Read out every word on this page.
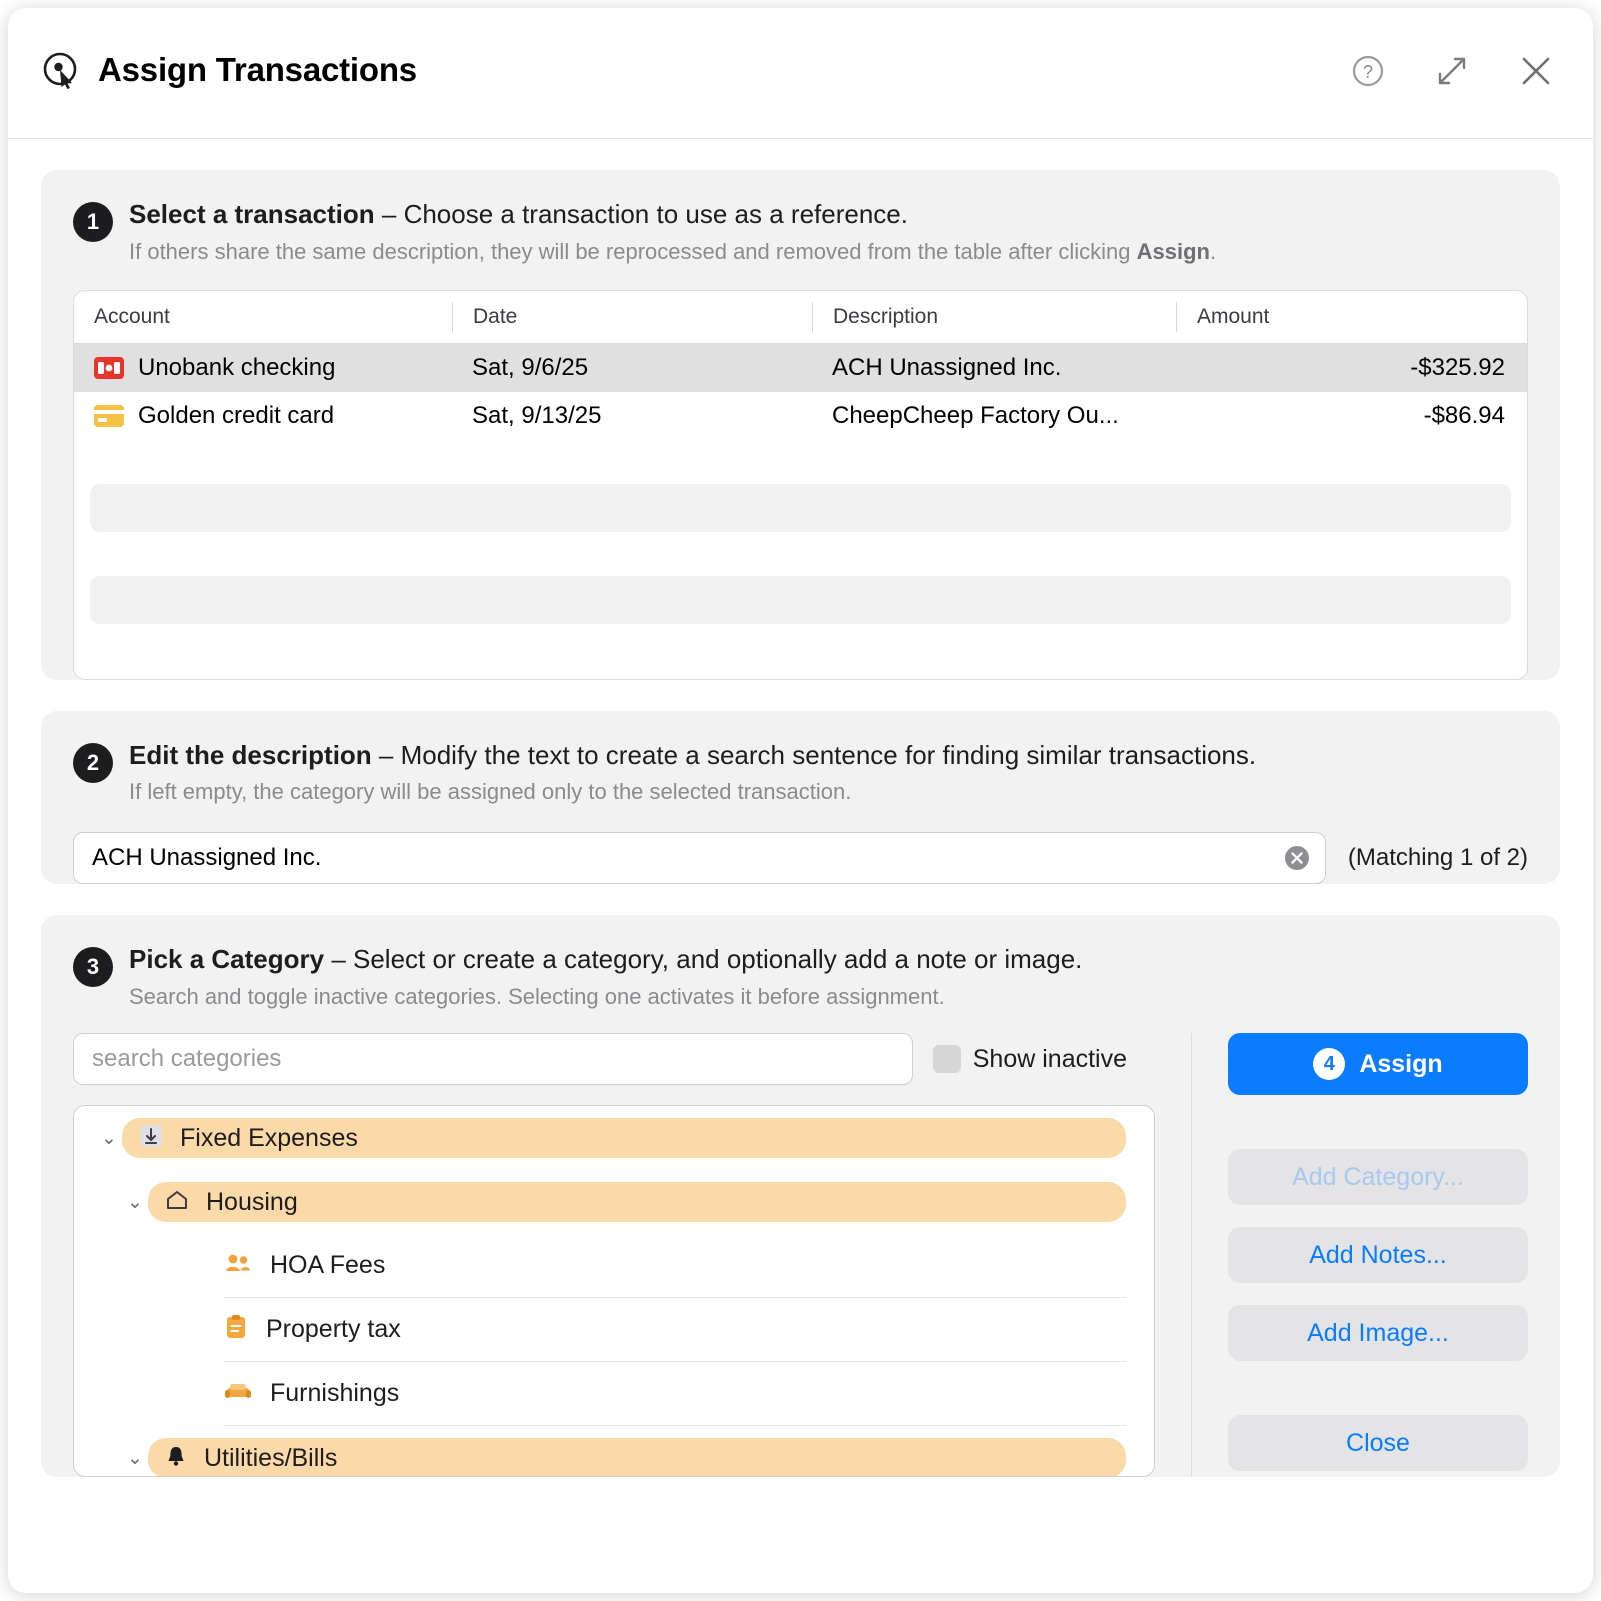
Assign Transactions	?
1	Select a transaction – Choose a transaction to use as a reference.
If others share the same description, they will be reprocessed and removed from the table after clicking Assign.
Account	Date	Description	Amount
Unobank checking	Sat, 9/6/25	ACH Unassigned Inc.	-$325.92
Golden credit card	Sat, 9/13/25	CheepCheep Factory Ou...	-$86.94
2	Edit the description – Modify the text to create a search sentence for finding similar transactions.
If left empty, the category will be assigned only to the selected transaction.
ACH Unassigned Inc.
(Matching 1 of 2)
3	Pick a Category – Select or create a category, and optionally add a note or image.
Search and toggle inactive categories. Selecting one activates it before assignment.
search categories
Show inactive
⌄	Fixed Expenses
⌄	Housing
HOA Fees
Property tax
Furnishings
⌄ Utilities/Bills
4 Assign
Add Category...
Add Notes...
Add Image...
Close
